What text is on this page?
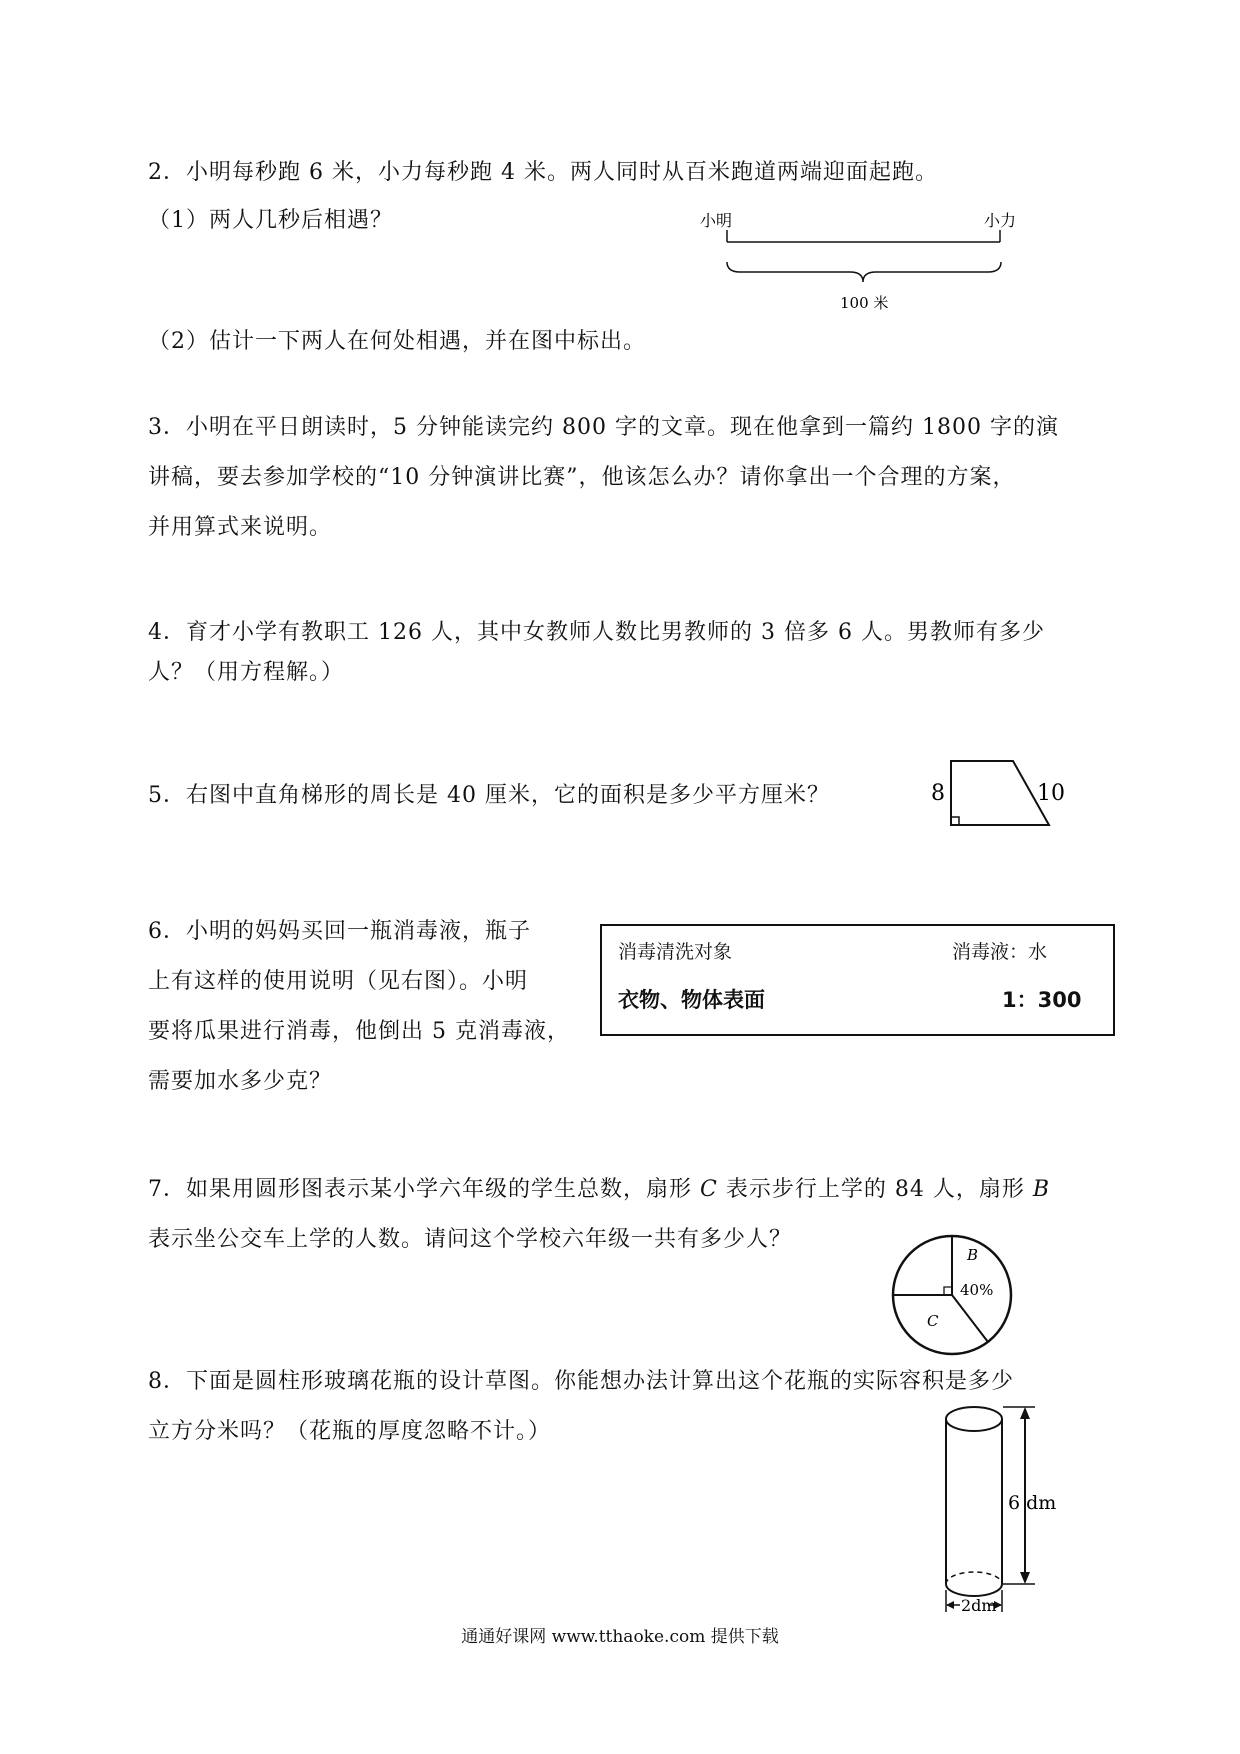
2．小明每秒跑 6 米，小力每秒跑 4 米。两人同时从百米跑道两端迎面起跑。
（1）两人几秒后相遇？	小明	小力
100 米
（2）估计一下两人在何处相遇，并在图中标出。
3．小明在平日朗读时，5 分钟能读完约 800 字的文章。现在他拿到一篇约 1800 字的演
讲稿，要去参加学校的“10 分钟演讲比赛”，他该怎么办？请你拿出一个合理的方案，
并用算式来说明。
4．育才小学有教职工 126 人，其中女教师人数比男教师的 3 倍多 6 人。男教师有多少
人？（用方程解。）
5．右图中直角梯形的周长是 40 厘米，它的面积是多少平方厘米？	8	10
6．小明的妈妈买回一瓶消毒液，瓶子
上有这样的使用说明（见右图）。小明
要将瓜果进行消毒，他倒出 5 克消毒液，
需要加水多少克？
消毒清洗对象	消毒液：水
衣物、物体表面	1：300
7．如果用圆形图表示某小学六年级的学生总数，扇形 C 表示步行上学的 84 人，扇形 B
表示坐公交车上学的人数。请问这个学校六年级一共有多少人？
B
40%
C
8．下面是圆柱形玻璃花瓶的设计草图。你能想办法计算出这个花瓶的实际容积是多少
立方分米吗？（花瓶的厚度忽略不计。）
6 dm
2dm
通通好课网 www.tthaoke.com 提供下载
